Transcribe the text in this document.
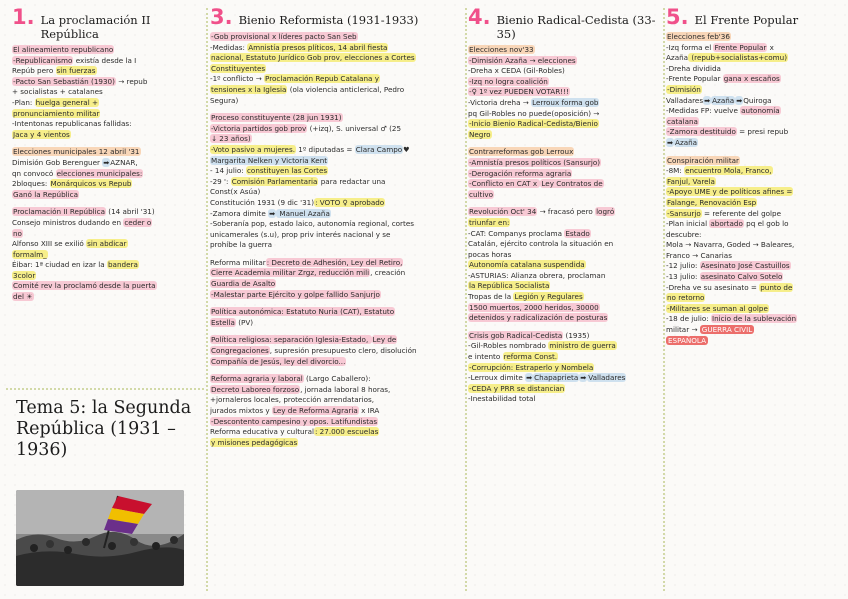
1. La proclamación II República
El alineamiento republicano
-Republicanismo existía desde la I
Repúb pero sin fuerzas
-Pacto San Sebastián (1930) → repub
+ socialistas + catalanes
-Plan: huelga general +
pronunciamiento militar
-Intentonas republicanas fallidas:
Jaca y 4 vientos
Elecciones municipales 12 abril '31
Dimisión Gob Berenguer ➡AZNAR,
qn convocó elecciones municipales:
2bloques: Monárquicos vs Repub
Ganó la República
Proclamación II República (14 abril '31)
Consejo ministros dudando en ceder o
no
Alfonso XIII se exilió sin abdicar
formalm_
Éibar: 1ª ciudad en izar la bandera
3color
Comité rev la proclamó desde la puerta
del ☀
3. Bienio Reformista (1931-1933)
-Gob provisional x líderes pacto San Seb
-Medidas: Amnistía presos plíticos, 14 abril fiesta
nacional, Estatuto Jurídico Gob prov, elecciones a Cortes
Constituyentes
-1º conflicto → Proclamación Repub Catalana y
tensiones x la Iglesia (ola violencia anticlerical, Pedro
Segura)
Proceso constituyente (28 jun 1931)
-Victoria partidos gob prov (+izq), S. universal ♂ (25
↓ 23 años)
-Voto pasivo a mujeres. 1º diputadas = Clara Campo♥
Margarita Nelken y Victoria Kent
- 14 julio: constituyen las Cortes
-29 ': Comisión Parlamentaria para redactar una
Const(x Asúa)
Constitución 1931 (9 dic '31): VOTO ♀ aprobado
-Zamora dimite ➡ Manuel Azaña
-Soberanía pop, estado laico, autonomía regional, cortes
unicamerales (s.u), prop priv interés nacional y se
prohíbe la guerra
Reforma militar: Decreto de Adhesión, Ley del Retiro,
Cierre Academia militar Zrgz, reducción mili, creación
Guardia de Asalto
-Malestar parte Ejército y golpe fallido Sanjurjo
Política autonómica: Estatuto Nuria (CAT), Estatuto
Estella (PV)
Política religiosa: separación Iglesia-Estado, Ley de
Congregaciones, supresión presupuesto clero, disolución
Compañía de Jesús, ley del divorcio...
Reforma agraria y laboral (Largo Caballero):
Decreto Laboreo forzoso, jornada laboral 8 horas,
+jornaleros locales, protección arrendatarios,
jurados mixtos y Ley de Reforma Agraria x IRA
-Descontento campesino y opos. Latifundistas
Reforma educativa y cultural: 27.000 escuelas
y misiones pedagógicas
4. Bienio Radical-Cedista (33-35)
Elecciones nov'33
-Dimisión Azaña → elecciones
-Dreha x CEDA (Gil-Robles)
-Izq no logra coalición
-♀ 1º vez PUEDEN VOTAR!!!
-Victoria dreha → Lerroux forma gob
pq Gil-Robles no puede(oposición) →
-Inicio Bienio Radical-Cedista/Bienio
Negro
Contrarreformas gob Lerroux
-Amnistía presos políticos (Sansurjo)
-Derogación reforma agraria
-Conflicto en CAT x Ley Contratos de
cultivo
Revolución Oct' 34 → fracasó pero logró
triunfar en:
-CAT: Companys proclama Estado
Catalán, ejército controla la situación en
pocas horas
Autonomía catalana suspendida
-ASTURIAS: Alianza obrera, proclaman
la República Socialista
Tropas de la Legión y Regulares
1500 muertos, 2000 heridos, 30000
detenidos y radicalización de posturas
Crisis gob Radical-Cedista (1935)
-Gil-Robles nombrado ministro de guerra
e intento reforma Const.
-Corrupción: Estraperlo y Nombela
-Lerroux dimite ➡ Chapaprieta ➡ Valladares
-CEDA y PRR se distancian
-Inestabilidad total
5. El Frente Popular
Elecciones feb'36
-Izq forma el Frente Popular x
Azaña (repub+socialistas+comu)
-Dreha dividida
-Frente Popular gana x escaños
-Dimisión
Valladares➡ Azaña ➡Quiroga
-Medidas FP: vuelve autonomía
catalana
-Zamora destituido = presi repub
➡ Azaña
Conspiración militar
-8M: encuentro Mola, Franco,
Fanjul, Varela
-Apoyo UME y de políticos afines =
Falange, Renovación Esp
-Sansurjo = referente del golpe
-Plan inicial abortado pq el gob lo
descubre:
Mola → Navarra, Goded → Baleares,
Franco → Canarias
-12 julio: Asesinato José Castuillos
-13 julio: asesinato Calvo Sotelo
-Dreha ve su asesinato = punto de
no retorno
-Militares se suman al golpe
-18 de julio: Inicio de la sublevación
militar → GUERRA CIVIL
ESPAÑOLA
Tema 5: la Segunda República (1931 – 1936)
